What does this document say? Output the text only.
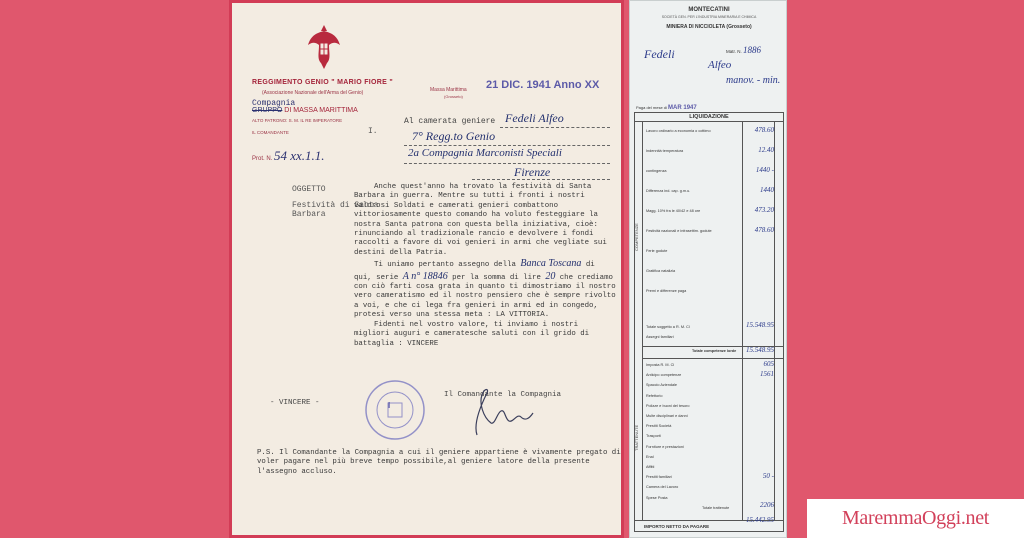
REGGIMENTO GENIO " MARIO FIORE "
(Associazione Nazionale dell'Arma del Genio)
Compagnia
GRUPPO DI MASSA MARITTIMA
ALTO PATRONO: S. M. IL RE IMPERATORE
IL COMANDANTE	I.
Prot. N. 54 xx.1.1.
Massa Marittima
(Grosseto)
21 DIC. 1941 Anno XX
Al camerata geniere Fedeli Alfeo
7° Regg.to Genio
2a Compagnia Marconisti Speciali
Firenze
OGGETTO
Festività di Santa Barbara

Anche quest'anno ha trovato la festività di Santa Barbara in guerra. Mentre su tutti i fronti i nostri valorosi Soldati e camerati genieri combattono vittoriosamente questo comando ha voluto festeggiare la nostra Santa patrona con questa bella iniziativa, cioè: rinunciando al tradizionale rancio e devolvere i fondi raccolti a favore di voi genieri in armi che vegliate sui destini della Patria.

Ti uniamo pertanto assegno della Banca Toscana di qui, serie A n° 18846 per la somma di lire 20 che crediamo con ciò farti cosa grata in quanto ti dimostriamo il nostro vero cameratismo ed il nostro pensiero che è sempre rivolto a voi, e che ci lega fra genieri in armi ed in congedo, protesi verso una stessa meta : LA VITTORIA.

Fidenti nel vostro valore, ti inviamo i nostri migliori auguri e cameratesche saluti con il grido di battaglia : VINCERE

- VINCERE -	I
Il Comandante la Compagnia
P.S. Il Comandante la Compagnia a cui il geniere appartiene è vivamente pregato di voler pagare nel più breve tempo possibile,al geniere latore della presente l'assegno accluso.
MONTECATINI
SOCIETÀ GEN. PER L'INDUSTRIA MINERARIA E CHIMICA
MINIERA DI NICCIOLETA (Grosseto)
Matr. N. 1886
Fedeli
Alfeo
manov. - min.
Paga del mese di MAR 1947
LIQUIDAZIONE
COMPETENZE
TRATTENUTE
Lavoro ordinario a economia o cottimo	478.60
Indennità temperatura	12.40
contingenza	1440 -
Differenza ind. cap. g.m.u.	1440
Magg. 10% fra le 40/42 e 48 ore	473.20
Festività nazionali e infrasettim. godute	478.60
Ferie godute
Gratifica natalizia
Premi e differenze paga
Totale soggetto a R. M. Cl	15.548.95
Assegni familiari
Totale competenze lorde 15.548.95
Imposta R. M. Cl	605
Anticipo competenze	1561
Spaccio Aziendale
Refettorio
Polizze e buoni del tesoro
Multe disciplinari e danni
Prestiti Società
Trasporti
Forniture e prestazioni
Enal
Affitti
Prestiti familiari	50 -
Camera del Lavoro
Spese Posta
Totale trattenute	2206
IMPORTO NETTO DA PAGARE
15.442.95	MaremmaOggi.net
